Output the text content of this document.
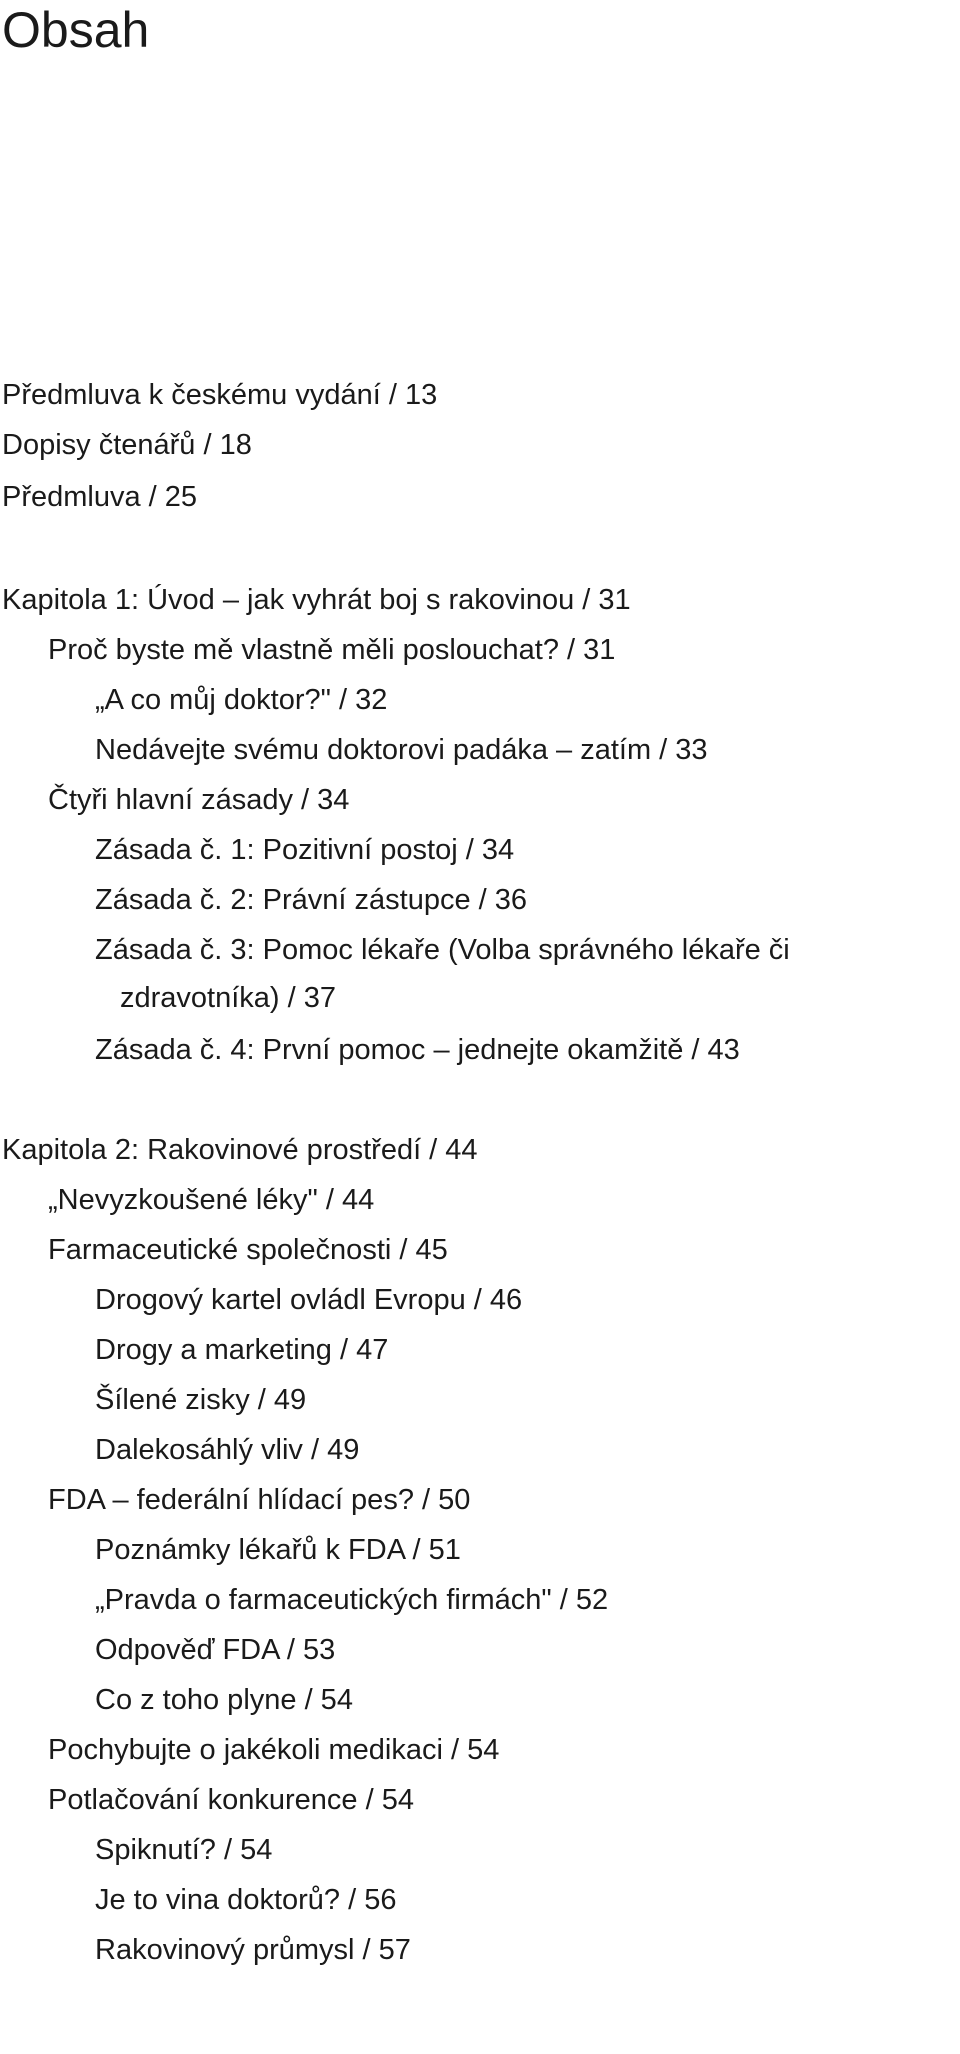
Obsah
Předmluva k českému vydání / 13
Dopisy čtenářů / 18
Předmluva / 25
Kapitola 1: Úvod – jak vyhrát boj s rakovinou / 31
Proč byste mě vlastně měli poslouchat? / 31
„A co můj doktor?" / 32
Nedávejte svému doktorovi padáka – zatím / 33
Čtyři hlavní zásady / 34
Zásada č. 1: Pozitivní postoj / 34
Zásada č. 2: Právní zástupce / 36
Zásada č. 3: Pomoc lékaře (Volba správného lékaře či
zdravotníka) / 37
Zásada č. 4: První pomoc – jednejte okamžitě / 43
Kapitola 2: Rakovinové prostředí / 44
„Nevyzkoušené léky" / 44
Farmaceutické společnosti / 45
Drogový kartel ovládl Evropu / 46
Drogy a marketing / 47
Šílené zisky / 49
Dalekosáhlý vliv / 49
FDA – federální hlídací pes? / 50
Poznámky lékařů k FDA / 51
„Pravda o farmaceutických firmách" / 52
Odpověď FDA / 53
Co z toho plyne / 54
Pochybujte o jakékoli medikaci / 54
Potlačování konkurence / 54
Spiknutí? / 54
Je to vina doktorů? / 56
Rakovinový průmysl / 57
